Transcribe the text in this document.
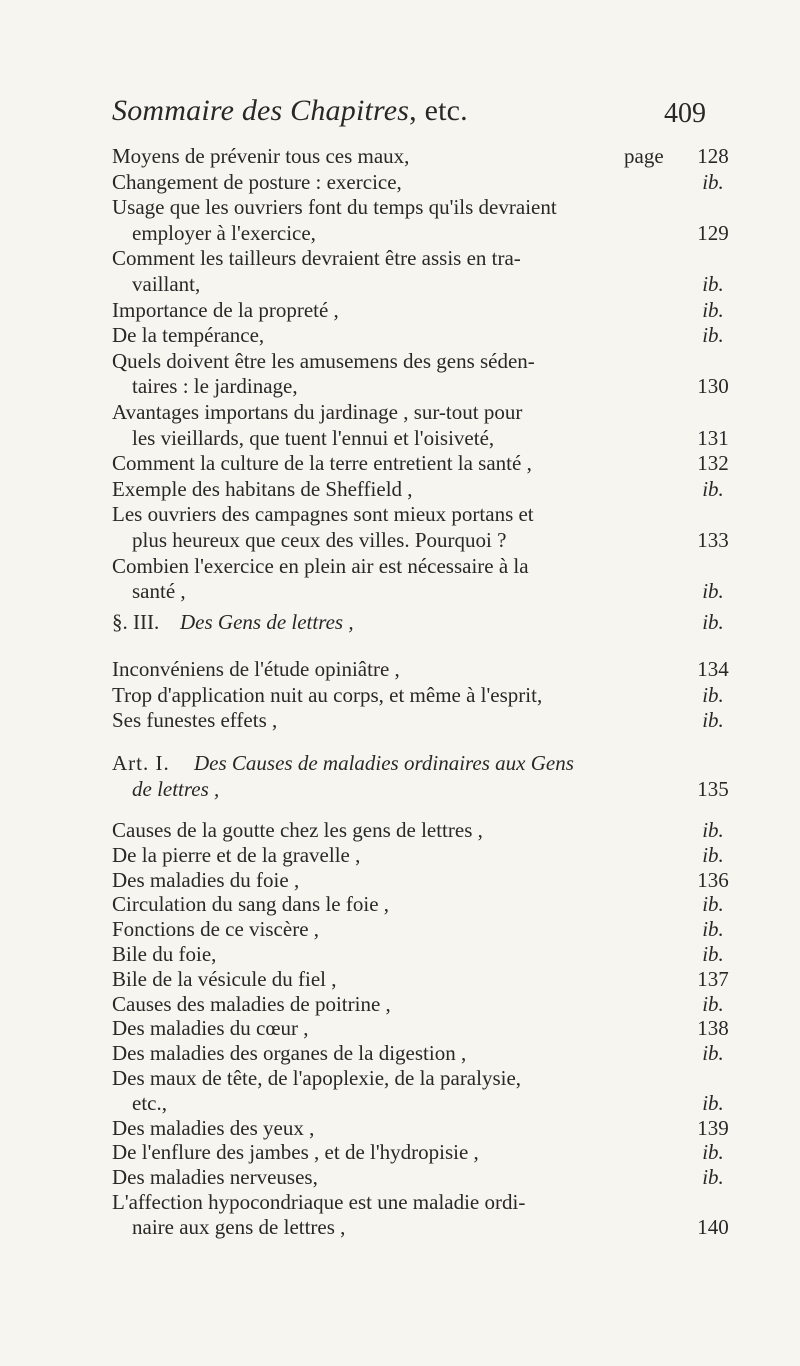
Sommaire des Chapitres, etc.	409
Moyens de prévenir tous ces maux,	page	128
Changement de posture : exercice,	ib.
Usage que les ouvriers font du temps qu'ils devraient
employer à l'exercice,	129
Comment les tailleurs devraient être assis en tra-
vaillant,	ib.
Importance de la propreté ,	ib.
De la tempérance,	ib.
Quels doivent être les amusemens des gens séden-
taires : le jardinage,	130
Avantages importans du jardinage , sur-tout pour
les vieillards, que tuent l'ennui et l'oisiveté,	131
Comment la culture de la terre entretient la santé ,	132
Exemple des habitans de Sheffield ,	ib.
Les ouvriers des campagnes sont mieux portans et
plus heureux que ceux des villes. Pourquoi ?	133
Combien l'exercice en plein air est nécessaire à la
santé ,	ib.
§. III. Des Gens de lettres ,	ib.
Inconvéniens de l'étude opiniâtre ,	134
Trop d'application nuit au corps, et même à l'esprit,	ib.
Ses funestes effets ,	ib.
Art. I. Des Causes de maladies ordinaires aux Gens
de lettres ,	135
Causes de la goutte chez les gens de lettres ,	ib.
De la pierre et de la gravelle ,	ib.
Des maladies du foie ,	136
Circulation du sang dans le foie ,	ib.
Fonctions de ce viscère ,	ib.
Bile du foie,	ib.
Bile de la vésicule du fiel ,	137
Causes des maladies de poitrine ,	ib.
Des maladies du cœur ,	138
Des maladies des organes de la digestion ,	ib.
Des maux de tête, de l'apoplexie, de la paralysie,
etc.,	ib.
Des maladies des yeux ,	139
De l'enflure des jambes , et de l'hydropisie ,	ib.
Des maladies nerveuses,	ib.
L'affection hypocondriaque est une maladie ordi-
naire aux gens de lettres ,	140
